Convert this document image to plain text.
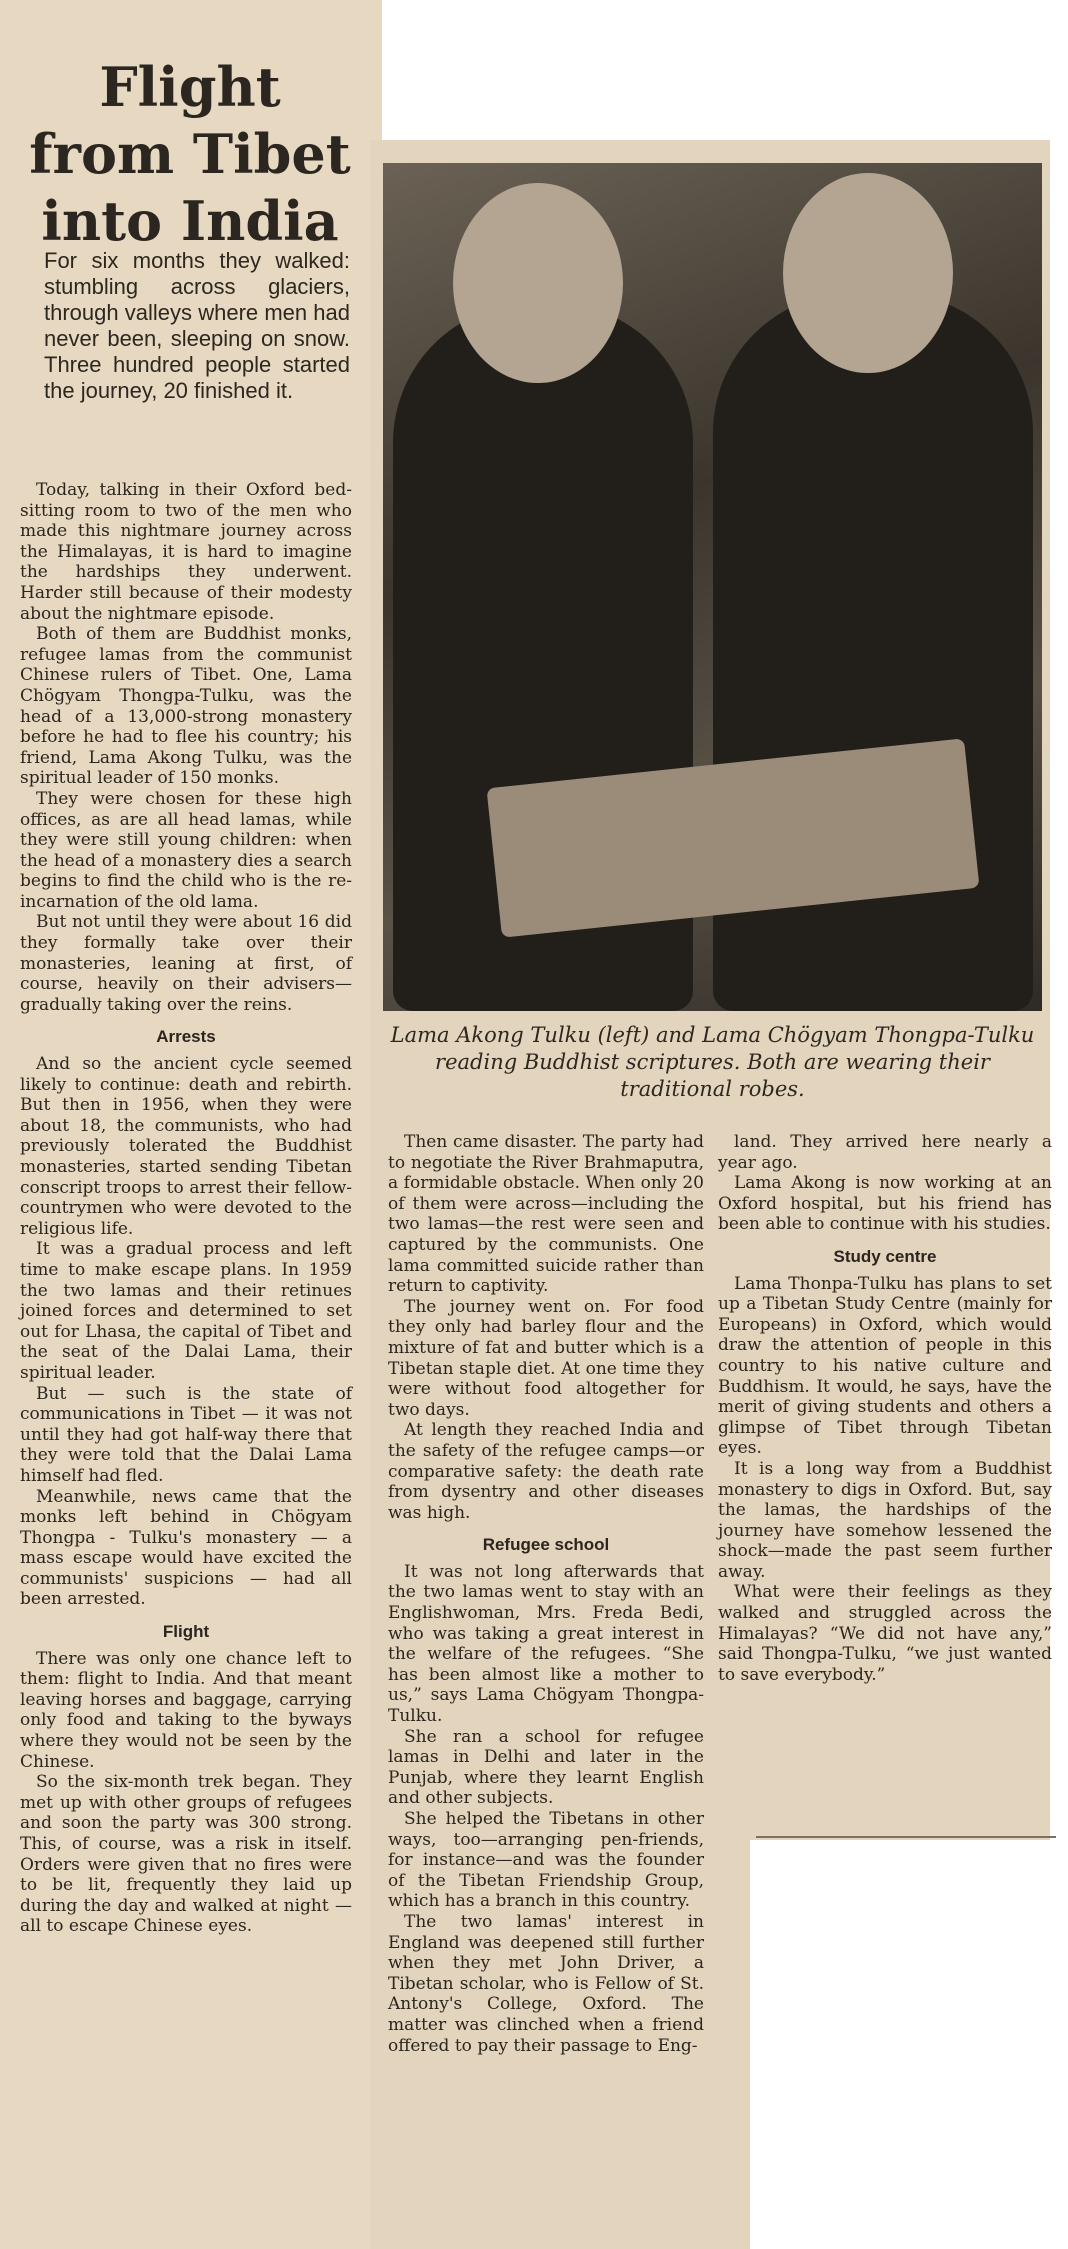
Flight from Tibet into India
For six months they walked: stumbling across glaciers, through valleys where men had never been, sleeping on snow. Three hundred people started the journey, 20 finished it.
Lama Akong Tulku (left) and Lama Chögyam Thongpa-Tulku reading Buddhist scriptures. Both are wearing their traditional robes.

Today, talking in their Oxford bed-sitting room to two of the men who made this nightmare journey across the Himalayas, it is hard to imagine the hardships they underwent. Harder still because of their modesty about the nightmare episode.

Both of them are Buddhist monks, refugee lamas from the communist Chinese rulers of Tibet. One, Lama Chögyam Thongpa-Tulku, was the head of a 13,000-strong monastery before he had to flee his country; his friend, Lama Akong Tulku, was the spiritual leader of 150 monks.

They were chosen for these high offices, as are all head lamas, while they were still young children: when the head of a monastery dies a search begins to find the child who is the re-incarnation of the old lama.

But not until they were about 16 did they formally take over their monasteries, leaning at first, of course, heavily on their advisers—gradually taking over the reins.

Arrests

And so the ancient cycle seemed likely to continue: death and rebirth. But then in 1956, when they were about 18, the communists, who had previously tolerated the Buddhist monasteries, started sending Tibetan conscript troops to arrest their fellow-countrymen who were devoted to the religious life.

It was a gradual process and left time to make escape plans. In 1959 the two lamas and their retinues joined forces and determined to set out for Lhasa, the capital of Tibet and the seat of the Dalai Lama, their spiritual leader.

But — such is the state of communications in Tibet — it was not until they had got half-way there that they were told that the Dalai Lama himself had fled.

Meanwhile, news came that the monks left behind in Chögyam Thongpa - Tulku's monastery — a mass escape would have excited the communists' suspicions — had all been arrested.

Flight

There was only one chance left to them: flight to India. And that meant leaving horses and baggage, carrying only food and taking to the byways where they would not be seen by the Chinese.

So the six-month trek began. They met up with other groups of refugees and soon the party was 300 strong. This, of course, was a risk in itself. Orders were given that no fires were to be lit, frequently they laid up during the day and walked at night —all to escape Chinese eyes.

Then came disaster. The party had to negotiate the River Brahmaputra, a formidable obstacle. When only 20 of them were across—including the two lamas—the rest were seen and captured by the communists. One lama committed suicide rather than return to captivity.

The journey went on. For food they only had barley flour and the mixture of fat and butter which is a Tibetan staple diet. At one time they were without food altogether for two days.

At length they reached India and the safety of the refugee camps—or comparative safety: the death rate from dysentry and other diseases was high.

Refugee school

It was not long afterwards that the two lamas went to stay with an Englishwoman, Mrs. Freda Bedi, who was taking a great interest in the welfare of the refugees. “She has been almost like a mother to us,” says Lama Chögyam Thongpa-Tulku.

She ran a school for refugee lamas in Delhi and later in the Punjab, where they learnt English and other subjects.

She helped the Tibetans in other ways, too—arranging pen-friends, for instance—and was the founder of the Tibetan Friendship Group, which has a branch in this country.

The two lamas' interest in England was deepened still further when they met John Driver, a Tibetan scholar, who is Fellow of St. Antony's College, Oxford. The matter was clinched when a friend offered to pay their passage to Eng-

land. They arrived here nearly a year ago.

Lama Akong is now working at an Oxford hospital, but his friend has been able to continue with his studies.

Study centre

Lama Thonpa-Tulku has plans to set up a Tibetan Study Centre (mainly for Europeans) in Oxford, which would draw the attention of people in this country to his native culture and Buddhism. It would, he says, have the merit of giving students and others a glimpse of Tibet through Tibetan eyes.

It is a long way from a Buddhist monastery to digs in Oxford. But, say the lamas, the hardships of the journey have somehow lessened the shock—made the past seem further away.

What were their feelings as they walked and struggled across the Himalayas? “We did not have any,” said Thongpa-Tulku, “we just wanted to save everybody.”
